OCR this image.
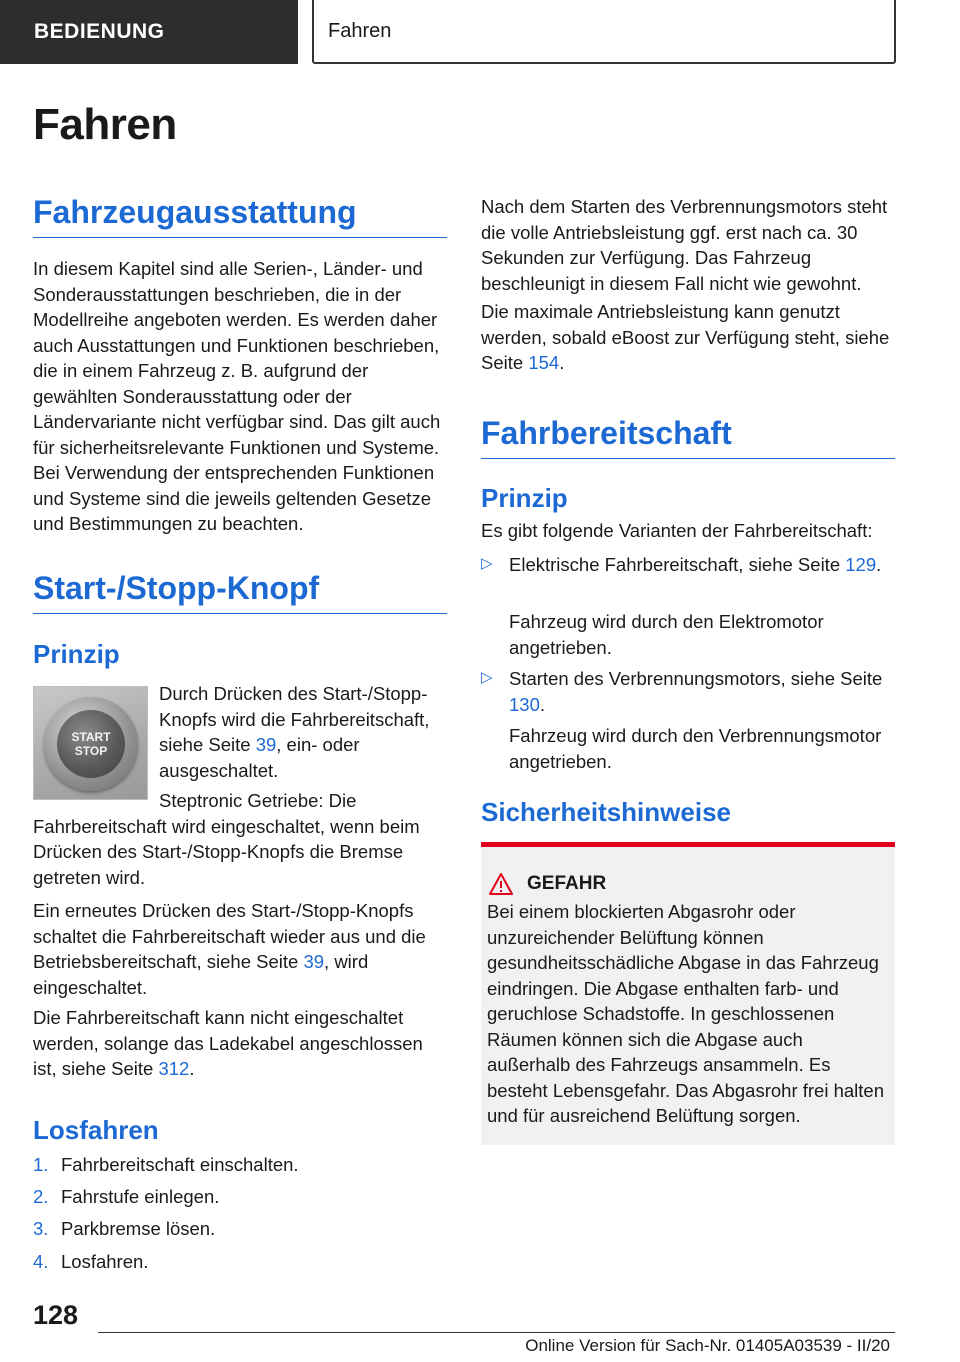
BEDIENUNG	Fahren
Fahren
Fahrzeugausstattung

In diesem Kapitel sind alle Serien-, Länder- und Sonderausstattungen beschrieben, die in der Modellreihe angeboten werden. Es werden daher auch Ausstattungen und Funktionen beschrieben, die in einem Fahrzeug z. B. aufgrund der gewählten Sonderausstattung oder der Ländervariante nicht verfügbar sind. Das gilt auch für sicherheitsrelevante Funktionen und Systeme. Bei Verwendung der entsprechenden Funktionen und Systeme sind die jeweils geltenden Gesetze und Bestimmungen zu beachten.

Start-/Stopp-Knopf
Prinzip
START
STOP

Durch Drücken des Start-/Stopp-Knopfs wird die Fahrbereitschaft, siehe Seite 39, ein- oder ausgeschaltet.

Steptronic Getriebe: Die Fahrbereitschaft wird eingeschaltet, wenn beim Drücken des Start-/Stopp-Knopfs die Bremse getreten wird.

Ein erneutes Drücken des Start-/Stopp-Knopfs schaltet die Fahrbereitschaft wieder aus und die Betriebsbereitschaft, siehe Seite 39, wird eingeschaltet.

Die Fahrbereitschaft kann nicht eingeschaltet werden, solange das Ladekabel angeschlossen ist, siehe Seite 312.

Losfahren
1. Fahrbereitschaft einschalten.
2. Fahrstufe einlegen.
3. Parkbremse lösen.
4. Losfahren.

Nach dem Starten des Verbrennungsmotors steht die volle Antriebsleistung ggf. erst nach ca. 30 Sekunden zur Verfügung. Das Fahrzeug beschleunigt in diesem Fall nicht wie gewohnt.

Die maximale Antriebsleistung kann genutzt werden, sobald eBoost zur Verfügung steht, siehe Seite 154.

Fahrbereitschaft
Prinzip

Es gibt folgende Varianten der Fahrbereitschaft:

▷ Elektrische Fahrbereitschaft, siehe Seite 129.

Fahrzeug wird durch den Elektromotor angetrieben.

▷ Starten des Verbrennungsmotors, siehe Seite 130.

Fahrzeug wird durch den Verbrennungsmotor angetrieben.

Sicherheitshinweise
GEFAHR

Bei einem blockierten Abgasrohr oder unzureichender Belüftung können gesundheitsschädliche Abgase in das Fahrzeug eindringen. Die Abgase enthalten farb- und geruchlose Schadstoffe. In geschlossenen Räumen können sich die Abgase auch außerhalb des Fahrzeugs ansammeln. Es besteht Lebensgefahr. Das Abgasrohr frei halten und für ausreichend Belüftung sorgen.

128

Online Version für Sach-Nr. 01405A03539 - II/20
